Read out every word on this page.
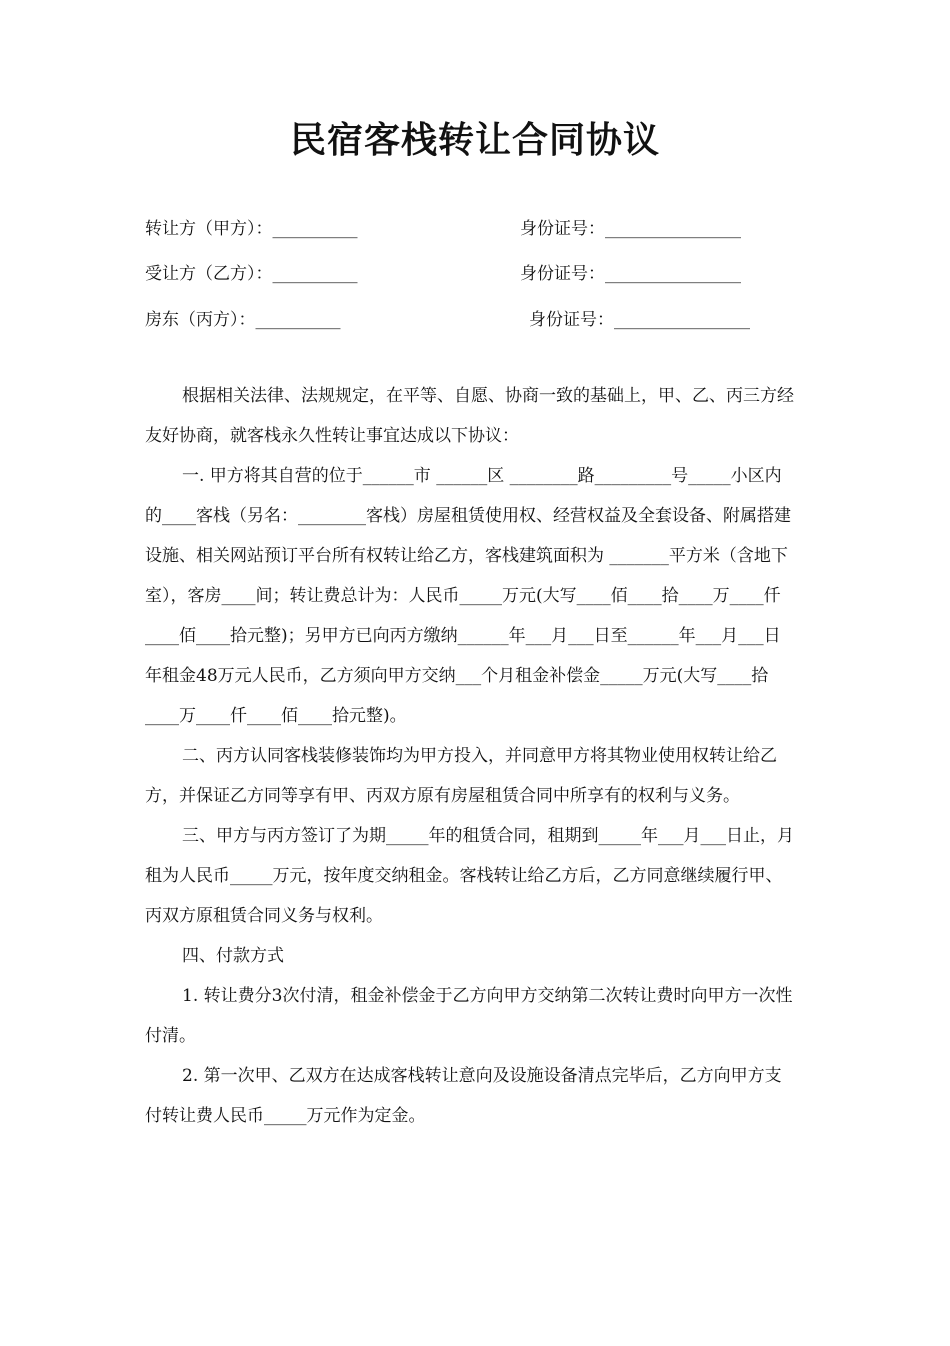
民宿客栈转让合同协议
转让方（甲方）：__________	身份证号：________________
受让方（乙方）：__________	身份证号：________________
房东（丙方）：__________	身份证号：________________

根据相关法律、法规规定，在平等、自愿、协商一致的基础上，甲、乙、丙三方经友好协商，就客栈永久性转让事宜达成以下协议：

一. 甲方将其自营的位于______市 ______区 ________路_________号_____小区内的____客栈（另名：________客栈）房屋租赁使用权、经营权益及全套设备、附属搭建设施、相关网站预订平台所有权转让给乙方，客栈建筑面积为 _______平方米（含地下室），客房____间；转让费总计为：人民币_____万元(大写____佰____拾____万____仟____佰____拾元整)；另甲方已向丙方缴纳______年___月___日至______年___月___日年租金48万元人民币，乙方须向甲方交纳___个月租金补偿金_____万元(大写____拾____万____仟____佰____拾元整)。

二、丙方认同客栈装修装饰均为甲方投入，并同意甲方将其物业使用权转让给乙方，并保证乙方同等享有甲、丙双方原有房屋租赁合同中所享有的权利与义务。

三、甲方与丙方签订了为期_____年的租赁合同，租期到_____年___月___日止，月租为人民币_____万元，按年度交纳租金。客栈转让给乙方后，乙方同意继续履行甲、丙双方原租赁合同义务与权利。

四、付款方式

1. 转让费分3次付清，租金补偿金于乙方向甲方交纳第二次转让费时向甲方一次性付清。

2. 第一次甲、乙双方在达成客栈转让意向及设施设备清点完毕后，乙方向甲方支付转让费人民币_____万元作为定金。
